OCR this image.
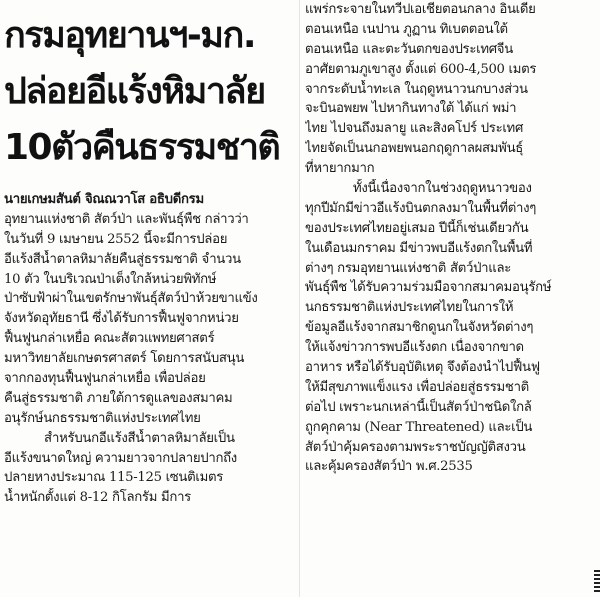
กรมอุทยานฯ-มก.
ปล่อยอีแร้งหิมาลัย
10ตัวคืนธรรมชาติ
นายเกษมสันต์ จิณณวาโส อธิบดีกรม
อุทยานแห่งชาติ สัตว์ป่า และพันธุ์พืช กล่าวว่า
ในวันที่ 9 เมษายน 2552 นี้จะมีการปล่อย
อีแร้งสีน้ำตาลหิมาลัยคืนสู่ธรรมชาติ จำนวน
10 ตัว ในบริเวณป่าเต็งใกล้หน่วยพิทักษ์
ป่าซับฟ้าผ่าในเขตรักษาพันธุ์สัตว์ป่าห้วยขาแข้ง
จังหวัดอุทัยธานี ซึ่งได้รับการฟื้นฟูจากหน่วย
ฟื้นฟูนกล่าเหยื่อ คณะสัตวแพทยศาสตร์
มหาวิทยาลัยเกษตรศาสตร์ โดยการสนับสนุน
จากกองทุนฟื้นฟูนกล่าเหยื่อ เพื่อปล่อย
คืนสู่ธรรมชาติ ภายใต้การดูแลของสมาคม
อนุรักษ์นกธรรมชาติแห่งประเทศไทย
สำหรับนกอีแร้งสีน้ำตาลหิมาลัยเป็น
อีแร้งขนาดใหญ่ ความยาวจากปลายปากถึง
ปลายหางประมาณ 115-125 เซนติเมตร
น้ำหนักตั้งแต่ 8-12 กิโลกรัม มีการ
แพร่กระจายในทวีปเอเชียตอนกลาง อินเดีย
ตอนเหนือ เนปาน ภูฏาน ทิเบตตอนใต้
ตอนเหนือ และตะวันตกของประเทศจีน
อาศัยตามภูเขาสูง ตั้งแต่ 600-4,500 เมตร
จากระดับน้ำทะเล ในฤดูหนาวนกบางส่วน
จะบินอพยพ ไปหากินทางใต้ ได้แก่ พม่า
ไทย ไปจนถึงมลายู และสิงคโปร์ ประเทศ
ไทยจัดเป็นนกอพยพนอกฤดูกาลผสมพันธุ์
ที่หายากมาก
ทั้งนี้เนื่องจากในช่วงฤดูหนาวของ
ทุกปีมักมีข่าวอีแร้งบินตกลงมาในพื้นที่ต่างๆ
ของประเทศไทยอยู่เสมอ ปีนี้ก็เช่นเดียวกัน
ในเดือนมกราคม มีข่าวพบอีแร้งตกในพื้นที่
ต่างๆ กรมอุทยานแห่งชาติ สัตว์ป่าและ
พันธุ์พืช ได้รับความร่วมมือจากสมาคมอนุรักษ์
นกธรรมชาติแห่งประเทศไทยในการให้
ข้อมูลอีแร้งจากสมาชิกดูนกในจังหวัดต่างๆ
ให้แจ้งข่าวการพบอีแร้งตก เนื่องจากขาด
อาหาร หรือได้รับอุบัติเหตุ จึงต้องนำไปฟื้นฟู
ให้มีสุขภาพแข็งแรง เพื่อปล่อยสู่ธรรมชาติ
ต่อไป เพราะนกเหล่านี้เป็นสัตว์ป่าชนิดใกล้
ถูกคุกคาม (Near Threatened) และเป็น
สัตว์ป่าคุ้มครองตามพระราชบัญญัติสงวน
และคุ้มครองสัตว์ป่า พ.ศ.2535
